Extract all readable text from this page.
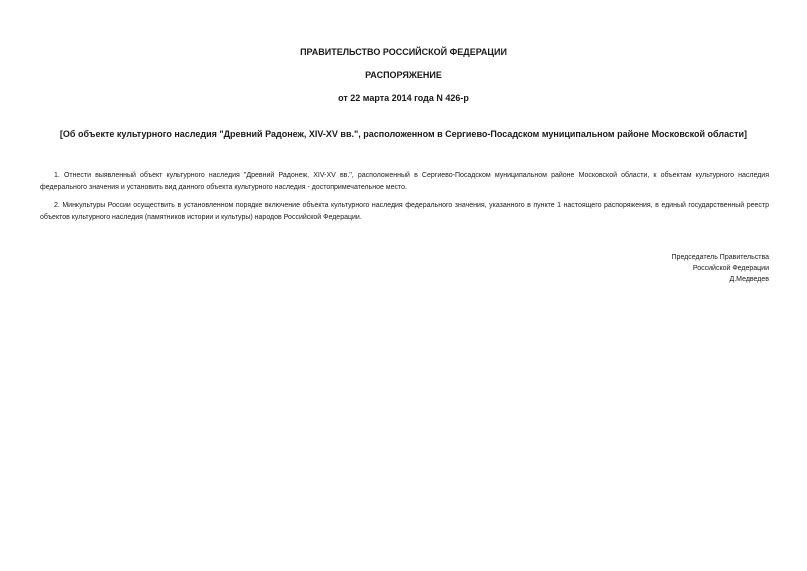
ПРАВИТЕЛЬСТВО РОССИЙСКОЙ ФЕДЕРАЦИИ
РАСПОРЯЖЕНИЕ
от 22 марта 2014 года N 426-р
[Об объекте культурного наследия "Древний Радонеж, XIV-XV вв.", расположенном в Сергиево-Посадском муниципальном районе Московской области]
1. Отнести выявленный объект культурного наследия "Древний Радонеж, XIV-XV вв.", расположенный в Сергиево-Посадском муниципальном районе Московской области, к объектам культурного наследия федерального значения и установить вид данного объекта культурного наследия - достопримечательное место.
2. Минкультуры России осуществить в установленном порядке включение объекта культурного наследия федерального значения, указанного в пункте 1 настоящего распоряжения, в единый государственный реестр объектов культурного наследия (памятников истории и культуры) народов Российской Федерации.
Председатель Правительства
Российской Федерации
Д.Медведев
